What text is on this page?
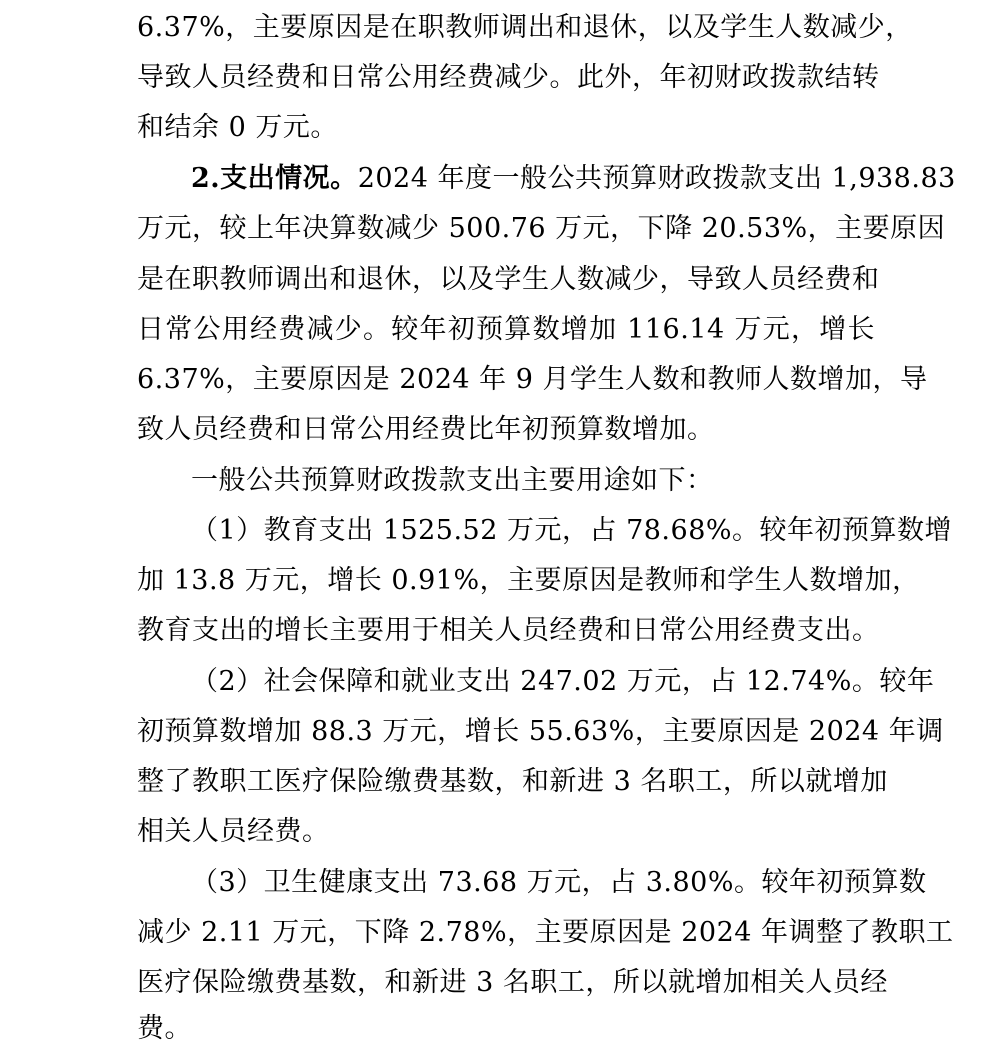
6.37%，主要原因是在职教师调出和退休，以及学生人数减少，
导致人员经费和日常公用经费减少。此外，年初财政拨款结转
和结余 0 万元。
2.支出情况。2024 年度一般公共预算财政拨款支出 1,938.83
万元，较上年决算数减少 500.76 万元，下降 20.53%，主要原因
是在职教师调出和退休，以及学生人数减少，导致人员经费和
日常公用经费减少。较年初预算数增加 116.14 万元，增长
6.37%，主要原因是 2024 年 9 月学生人数和教师人数增加，导
致人员经费和日常公用经费比年初预算数增加。
一般公共预算财政拨款支出主要用途如下：
（1）教育支出 1525.52 万元，占 78.68%。较年初预算数增
加 13.8 万元，增长 0.91%，主要原因是教师和学生人数增加，
教育支出的增长主要用于相关人员经费和日常公用经费支出。
（2）社会保障和就业支出 247.02 万元，占 12.74%。较年
初预算数增加 88.3 万元，增长 55.63%，主要原因是 2024 年调
整了教职工医疗保险缴费基数，和新进 3 名职工，所以就增加
相关人员经费。
（3）卫生健康支出 73.68 万元，占 3.80%。较年初预算数
减少 2.11 万元，下降 2.78%，主要原因是 2024 年调整了教职工
医疗保险缴费基数，和新进 3 名职工，所以就增加相关人员经
费。
